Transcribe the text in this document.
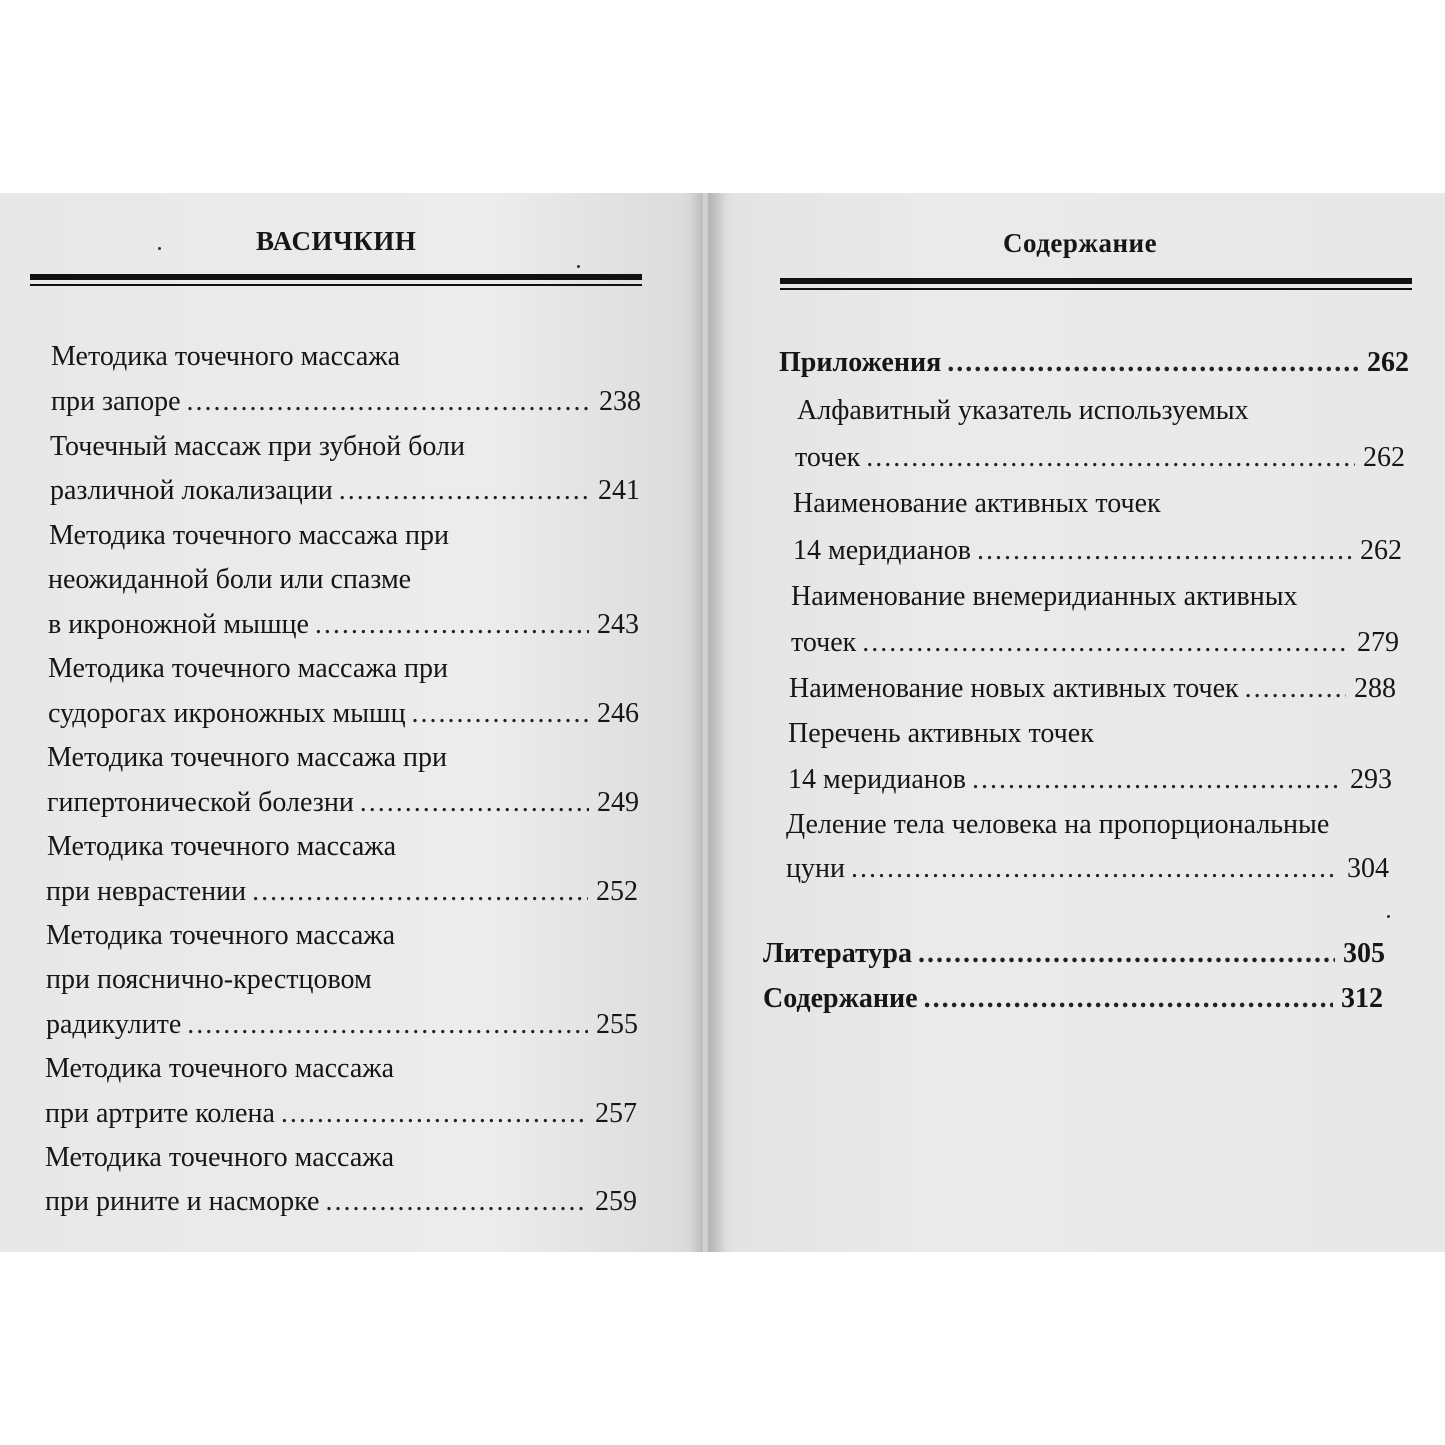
ВАСИЧКИН	Содержание
Методика точечного массажа
при запоре .....	238
Точечный массаж при зубной боли
различной локализации .....	241
Методика точечного массажа при
неожиданной боли или спазме
в икроножной мышце .....	243
Методика точечного массажа при
судорогах икроножных мышц .....	246
Методика точечного массажа при
гипертонической болезни .....	249
Методика точечного массажа
при неврастении .....	252
Методика точечного массажа
при пояснично-крестцовом
радикулите .....	255
Методика точечного массажа
при артрите колена .....	257
Методика точечного массажа
при рините и насморке .....	259
Приложения .....	262
Алфавитный указатель используемых
точек .....	262
Наименование активных точек
14 меридианов .....	262
Наименование внемеридианных активных
точек .....	279
Наименование новых активных точек .....	288
Перечень активных точек
14 меридианов .....	293
Деление тела человека на пропорциональные
цуни .....	304
Литература .....	305
Содержание .....	312
